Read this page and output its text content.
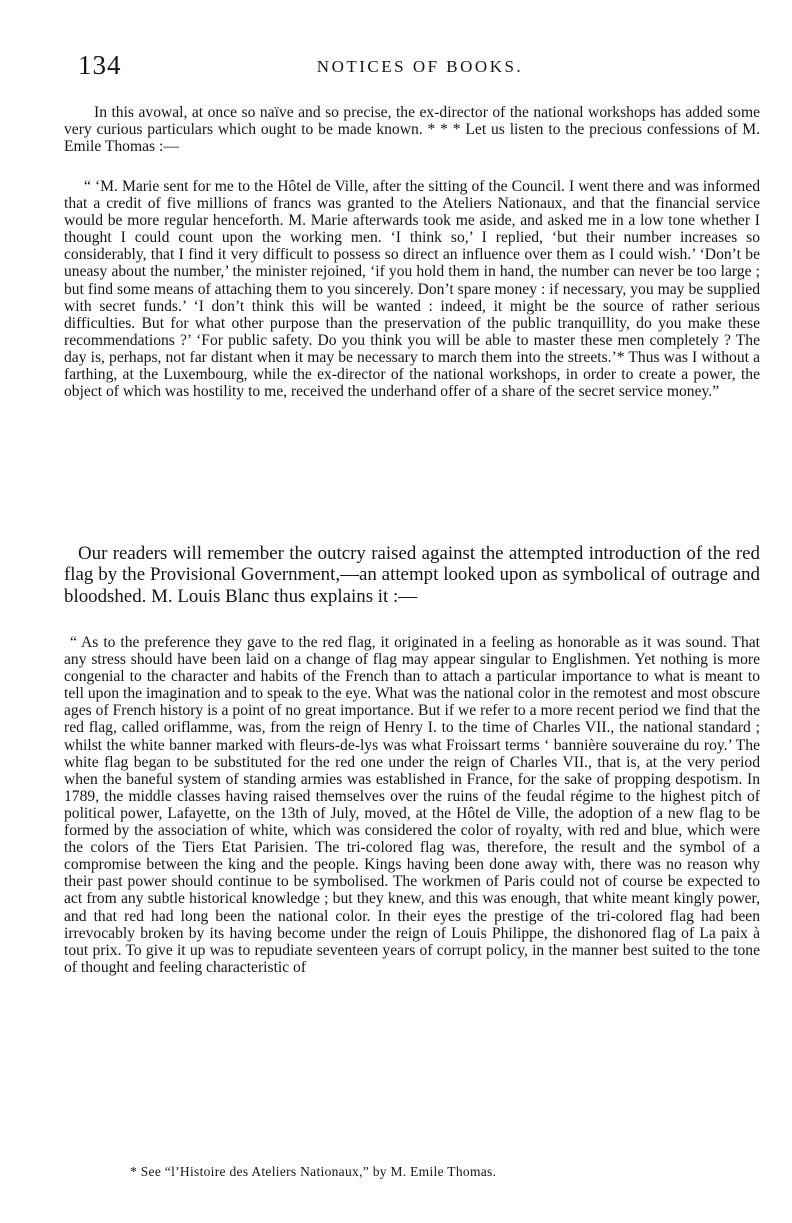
134	NOTICES OF BOOKS.

In this avowal, at once so naïve and so precise, the ex-director of the national workshops has added some very curious particulars which ought to be made known. * * * Let us listen to the precious confessions of M. Emile Thomas :—

“ ‘M. Marie sent for me to the Hôtel de Ville, after the sitting of the Council. I went there and was informed that a credit of five millions of francs was granted to the Ateliers Nationaux, and that the financial service would be more regular henceforth. M. Marie afterwards took me aside, and asked me in a low tone whether I thought I could count upon the working men. ‘I think so,’ I replied, ‘but their number increases so considerably, that I find it very difficult to possess so direct an influence over them as I could wish.’ ‘Don’t be uneasy about the number,’ the minister rejoined, ‘if you hold them in hand, the number can never be too large ; but find some means of attaching them to you sincerely. Don’t spare money : if necessary, you may be supplied with secret funds.’ ‘I don’t think this will be wanted : indeed, it might be the source of rather serious difficulties. But for what other purpose than the preservation of the public tranquillity, do you make these recommendations ?’ ‘For public safety. Do you think you will be able to master these men completely ? The day is, perhaps, not far distant when it may be necessary to march them into the streets.’* Thus was I without a farthing, at the Luxembourg, while the ex-director of the national workshops, in order to create a power, the object of which was hostility to me, received the underhand offer of a share of the secret service money.”

Our readers will remember the outcry raised against the attempted introduction of the red flag by the Provisional Government,—an attempt looked upon as symbolical of outrage and bloodshed. M. Louis Blanc thus explains it :—

“ As to the preference they gave to the red flag, it originated in a feeling as honorable as it was sound. That any stress should have been laid on a change of flag may appear singular to Englishmen. Yet nothing is more congenial to the character and habits of the French than to attach a particular importance to what is meant to tell upon the imagination and to speak to the eye. What was the national color in the remotest and most obscure ages of French history is a point of no great importance. But if we refer to a more recent period we find that the red flag, called oriflamme, was, from the reign of Henry I. to the time of Charles VII., the national standard ; whilst the white banner marked with fleurs-de-lys was what Froissart terms ‘ bannière souveraine du roy.’ The white flag began to be substituted for the red one under the reign of Charles VII., that is, at the very period when the baneful system of standing armies was established in France, for the sake of propping despotism. In 1789, the middle classes having raised themselves over the ruins of the feudal régime to the highest pitch of political power, Lafayette, on the 13th of July, moved, at the Hôtel de Ville, the adoption of a new flag to be formed by the association of white, which was considered the color of royalty, with red and blue, which were the colors of the Tiers Etat Parisien. The tri-colored flag was, therefore, the result and the symbol of a compromise between the king and the people. Kings having been done away with, there was no reason why their past power should continue to be symbolised. The workmen of Paris could not of course be expected to act from any subtle historical knowledge ; but they knew, and this was enough, that white meant kingly power, and that red had long been the national color. In their eyes the prestige of the tri-colored flag had been irrevocably broken by its having become under the reign of Louis Philippe, the dishonored flag of La paix à tout prix. To give it up was to repudiate seventeen years of corrupt policy, in the manner best suited to the tone of thought and feeling characteristic of

* See “l’Histoire des Ateliers Nationaux,” by M. Emile Thomas.
